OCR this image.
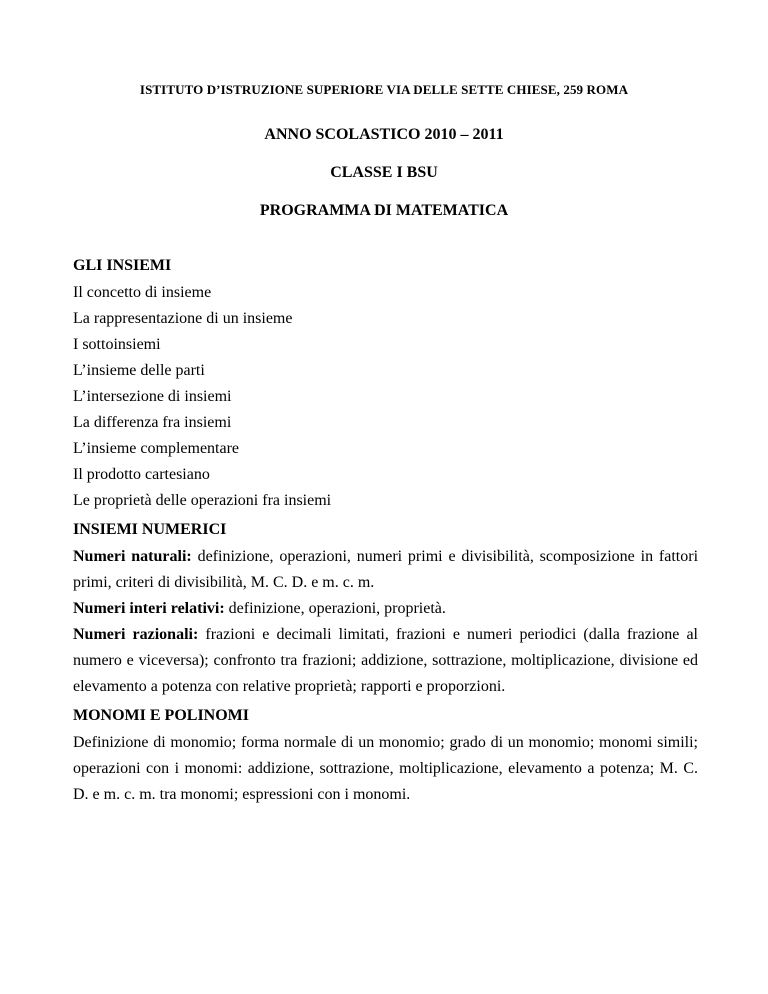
ISTITUTO D’ISTRUZIONE SUPERIORE VIA DELLE SETTE CHIESE, 259 ROMA
ANNO SCOLASTICO 2010 – 2011
CLASSE I BSU
PROGRAMMA DI MATEMATICA
GLI INSIEMI
Il concetto di insieme
La rappresentazione di un insieme
I sottoinsiemi
L’insieme delle parti
L’intersezione di insiemi
La differenza fra insiemi
L’insieme complementare
Il prodotto cartesiano
Le proprietà delle operazioni fra insiemi
INSIEMI NUMERICI

Numeri naturali: definizione, operazioni, numeri primi e divisibilità, scomposizione in fattori primi, criteri di divisibilità, M. C. D. e m. c. m.

Numeri interi relativi: definizione, operazioni, proprietà.

Numeri razionali: frazioni e decimali limitati, frazioni e numeri periodici (dalla frazione al numero e viceversa); confronto tra frazioni; addizione, sottrazione, moltiplicazione, divisione ed elevamento a potenza con relative proprietà; rapporti e proporzioni.

MONOMI E POLINOMI

Definizione di monomio; forma normale di un monomio; grado di un monomio; monomi simili; operazioni con i monomi: addizione, sottrazione, moltiplicazione, elevamento a potenza; M. C. D. e m. c. m. tra monomi; espressioni con i monomi.
